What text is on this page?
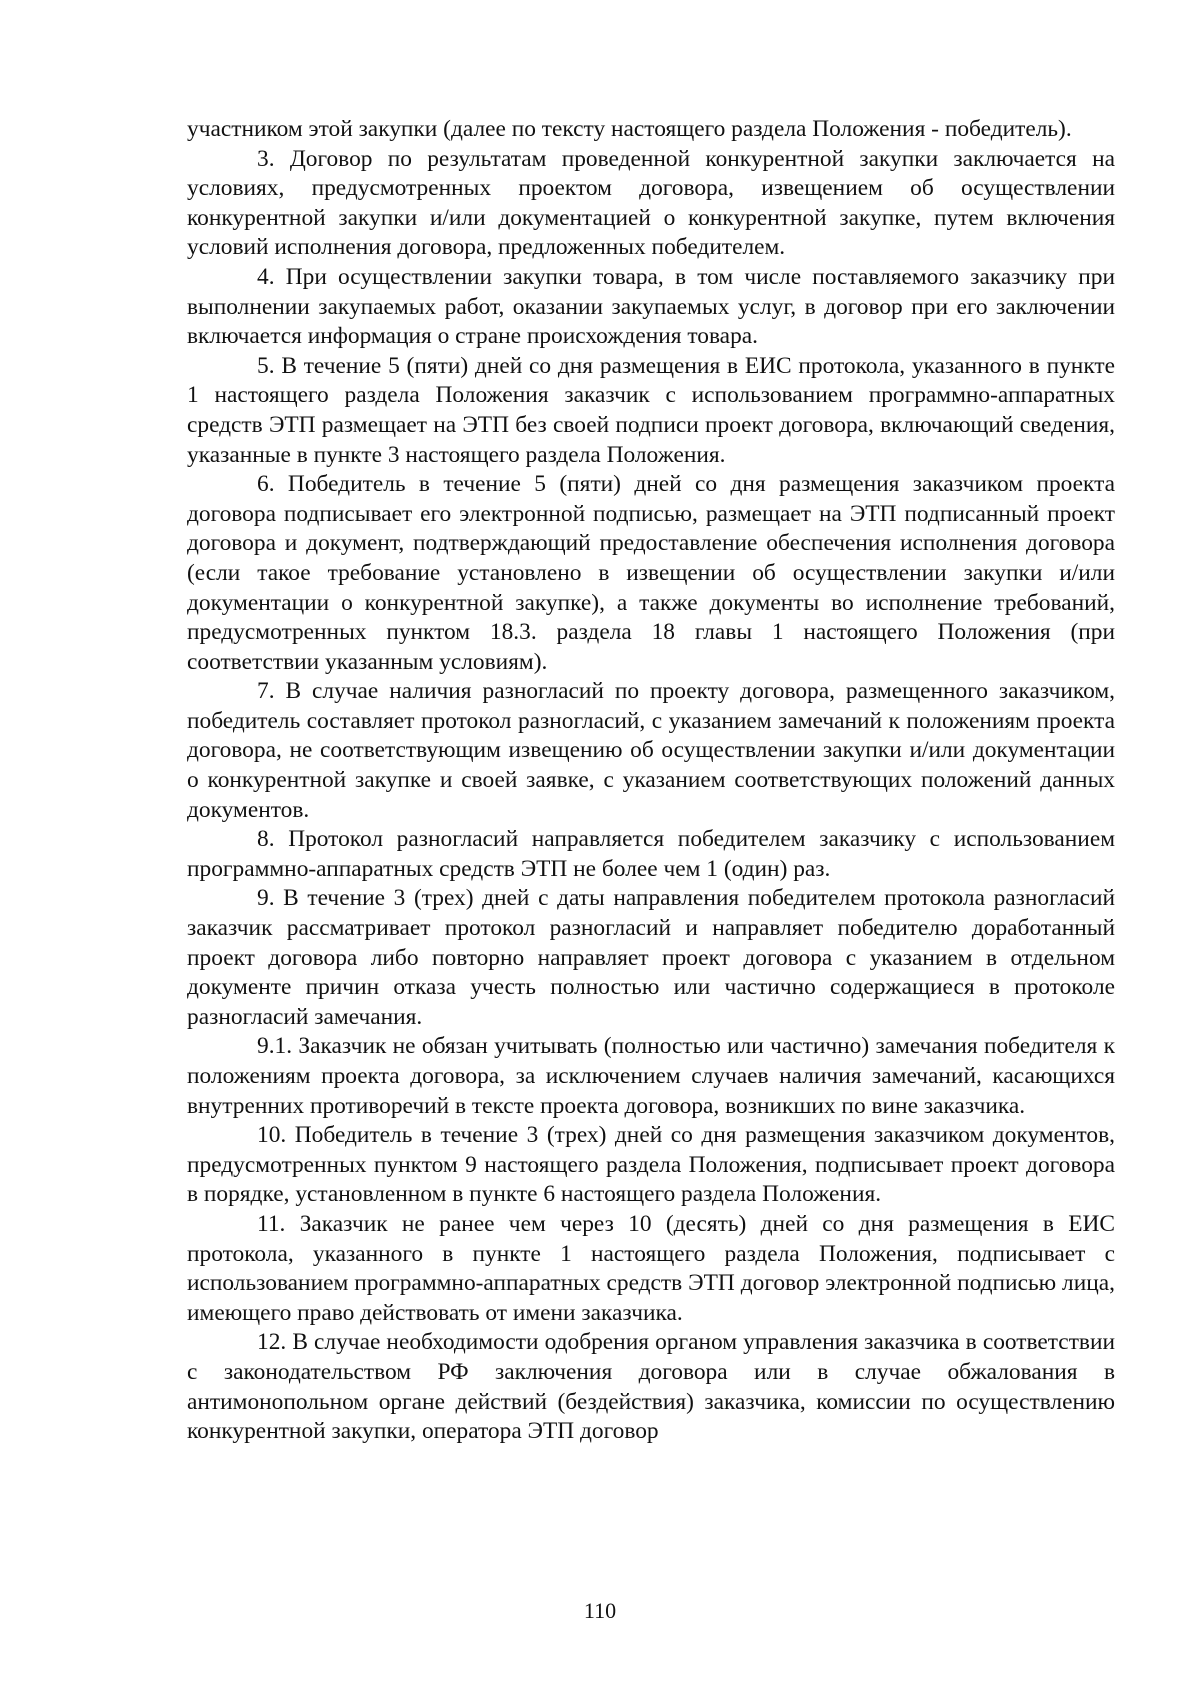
участником этой закупки (далее по тексту настоящего раздела Положения - победитель).

3. Договор по результатам проведенной конкурентной закупки заключается на условиях, предусмотренных проектом договора, извещением об осуществлении конкурентной закупки и/или документацией о конкурентной закупке, путем включения условий исполнения договора, предложенных победителем.

4. При осуществлении закупки товара, в том числе поставляемого заказчику при выполнении закупаемых работ, оказании закупаемых услуг, в договор при его заключении включается информация о стране происхождения товара.

5. В течение 5 (пяти) дней со дня размещения в ЕИС протокола, указанного в пункте 1 настоящего раздела Положения заказчик с использованием программно-аппаратных средств ЭТП размещает на ЭТП без своей подписи проект договора, включающий сведения, указанные в пункте 3 настоящего раздела Положения.

6. Победитель в течение 5 (пяти) дней со дня размещения заказчиком проекта договора подписывает его электронной подписью, размещает на ЭТП подписанный проект договора и документ, подтверждающий предоставление обеспечения исполнения договора (если такое требование установлено в извещении об осуществлении закупки и/или документации о конкурентной закупке), а также документы во исполнение требований, предусмотренных пунктом 18.3. раздела 18 главы 1 настоящего Положения (при соответствии указанным условиям).

7. В случае наличия разногласий по проекту договора, размещенного заказчиком, победитель составляет протокол разногласий, с указанием замечаний к положениям проекта договора, не соответствующим извещению об осуществлении закупки и/или документации о конкурентной закупке и своей заявке, с указанием соответствующих положений данных документов.

8. Протокол разногласий направляется победителем заказчику с использованием программно-аппаратных средств ЭТП не более чем 1 (один) раз.

9. В течение 3 (трех) дней с даты направления победителем протокола разногласий заказчик рассматривает протокол разногласий и направляет победителю доработанный проект договора либо повторно направляет проект договора с указанием в отдельном документе причин отказа учесть полностью или частично содержащиеся в протоколе разногласий замечания.

9.1. Заказчик не обязан учитывать (полностью или частично) замечания победителя к положениям проекта договора, за исключением случаев наличия замечаний, касающихся внутренних противоречий в тексте проекта договора, возникших по вине заказчика.

10. Победитель в течение 3 (трех) дней со дня размещения заказчиком документов, предусмотренных пунктом 9 настоящего раздела Положения, подписывает проект договора в порядке, установленном в пункте 6 настоящего раздела Положения.

11. Заказчик не ранее чем через 10 (десять) дней со дня размещения в ЕИС протокола, указанного в пункте 1 настоящего раздела Положения, подписывает с использованием программно-аппаратных средств ЭТП договор электронной подписью лица, имеющего право действовать от имени заказчика.

12. В случае необходимости одобрения органом управления заказчика в соответствии с законодательством РФ заключения договора или в случае обжалования в антимонопольном органе действий (бездействия) заказчика, комиссии по осуществлению конкурентной закупки, оператора ЭТП договор

110
